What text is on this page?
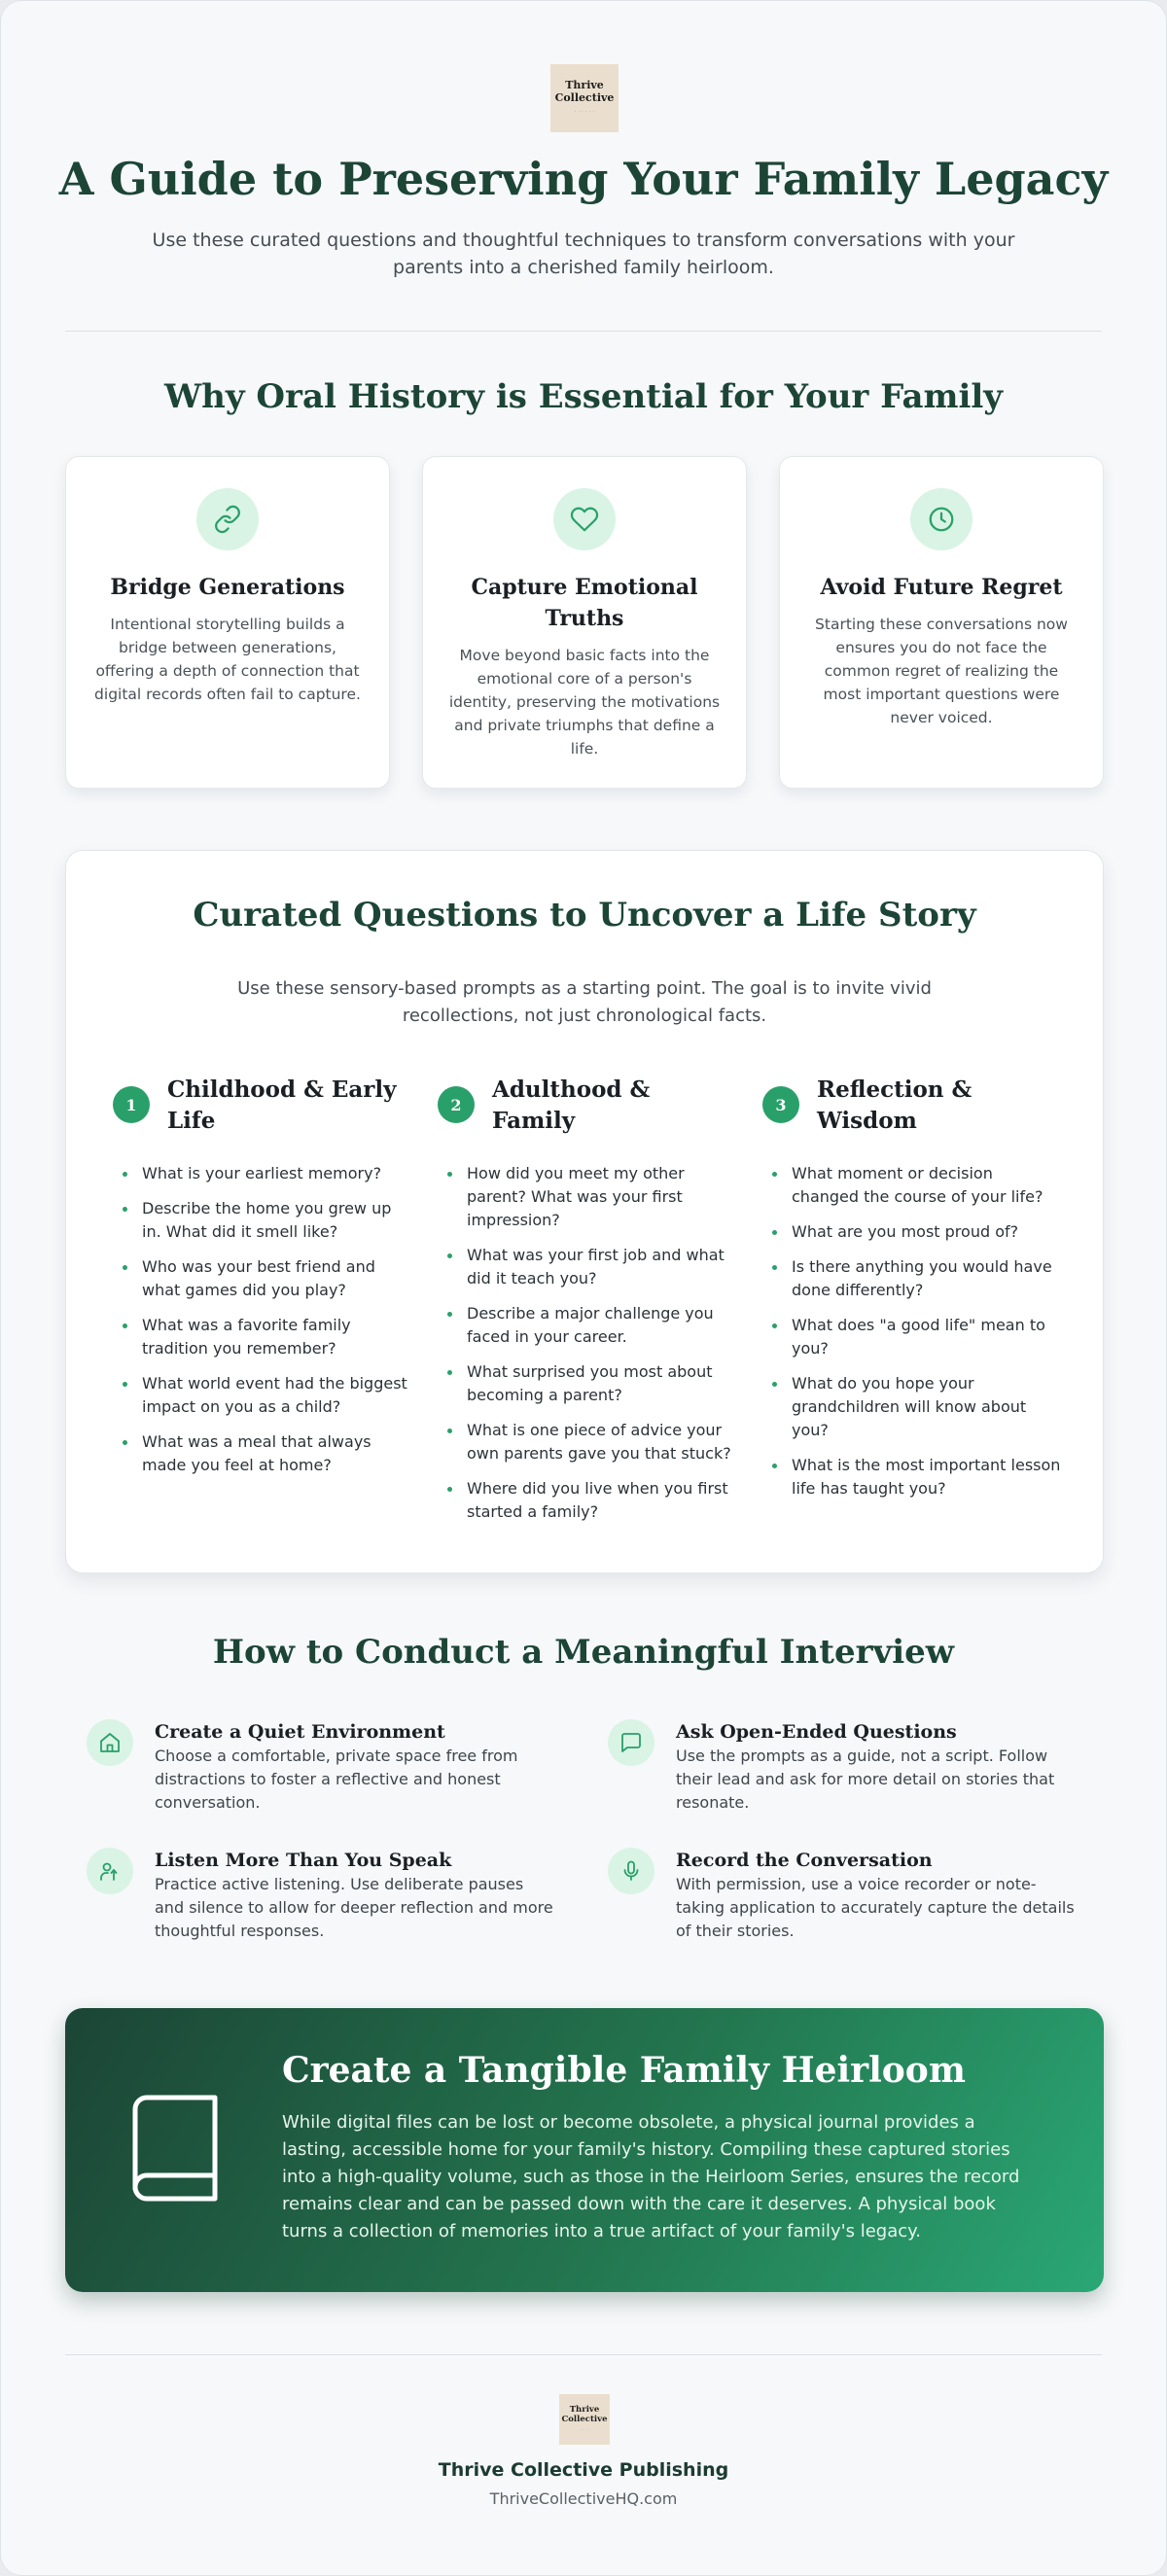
Thrive
Collective
· · · · · ·
A Guide to Preserving Your Family Legacy

Use these curated questions and thoughtful techniques to transform conversations with your parents into a cherished family heirloom.

Why Oral History is Essential for Your Family
Bridge Generations

Intentional storytelling builds a bridge between generations, offering a depth of connection that digital records often fail to capture.

Capture Emotional Truths

Move beyond basic facts into the emotional core of a person's identity, preserving the motivations and private triumphs that define a life.

Avoid Future Regret

Starting these conversations now ensures you do not face the common regret of realizing the most important questions were never voiced.

Curated Questions to Uncover a Life Story

Use these sensory-based prompts as a starting point. The goal is to invite vivid recollections, not just chronological facts.

1
Childhood & Early Life
What is your earliest memory?
Describe the home you grew up in. What did it smell like?
Who was your best friend and what games did you play?
What was a favorite family tradition you remember?
What world event had the biggest impact on you as a child?
What was a meal that always made you feel at home?
2
Adulthood & Family
How did you meet my other parent? What was your first impression?
What was your first job and what did it teach you?
Describe a major challenge you faced in your career.
What surprised you most about becoming a parent?
What is one piece of advice your own parents gave you that stuck?
Where did you live when you first started a family?
3
Reflection & Wisdom
What moment or decision changed the course of your life?
What are you most proud of?
Is there anything you would have done differently?
What does "a good life" mean to you?
What do you hope your grandchildren will know about you?
What is the most important lesson life has taught you?
How to Conduct a Meaningful Interview
Create a Quiet Environment

Choose a comfortable, private space free from distractions to foster a reflective and honest conversation.

Ask Open-Ended Questions

Use the prompts as a guide, not a script. Follow their lead and ask for more detail on stories that resonate.

Listen More Than You Speak

Practice active listening. Use deliberate pauses and silence to allow for deeper reflection and more thoughtful responses.

Record the Conversation

With permission, use a voice recorder or note-taking application to accurately capture the details of their stories.

Create a Tangible Family Heirloom

While digital files can be lost or become obsolete, a physical journal provides a lasting, accessible home for your family's history. Compiling these captured stories into a high-quality volume, such as those in the Heirloom Series, ensures the record remains clear and can be passed down with the care it deserves. A physical book turns a collection of memories into a true artifact of your family's legacy.

Thrive
Collective
· · · ·
Thrive Collective Publishing
ThriveCollectiveHQ.com
